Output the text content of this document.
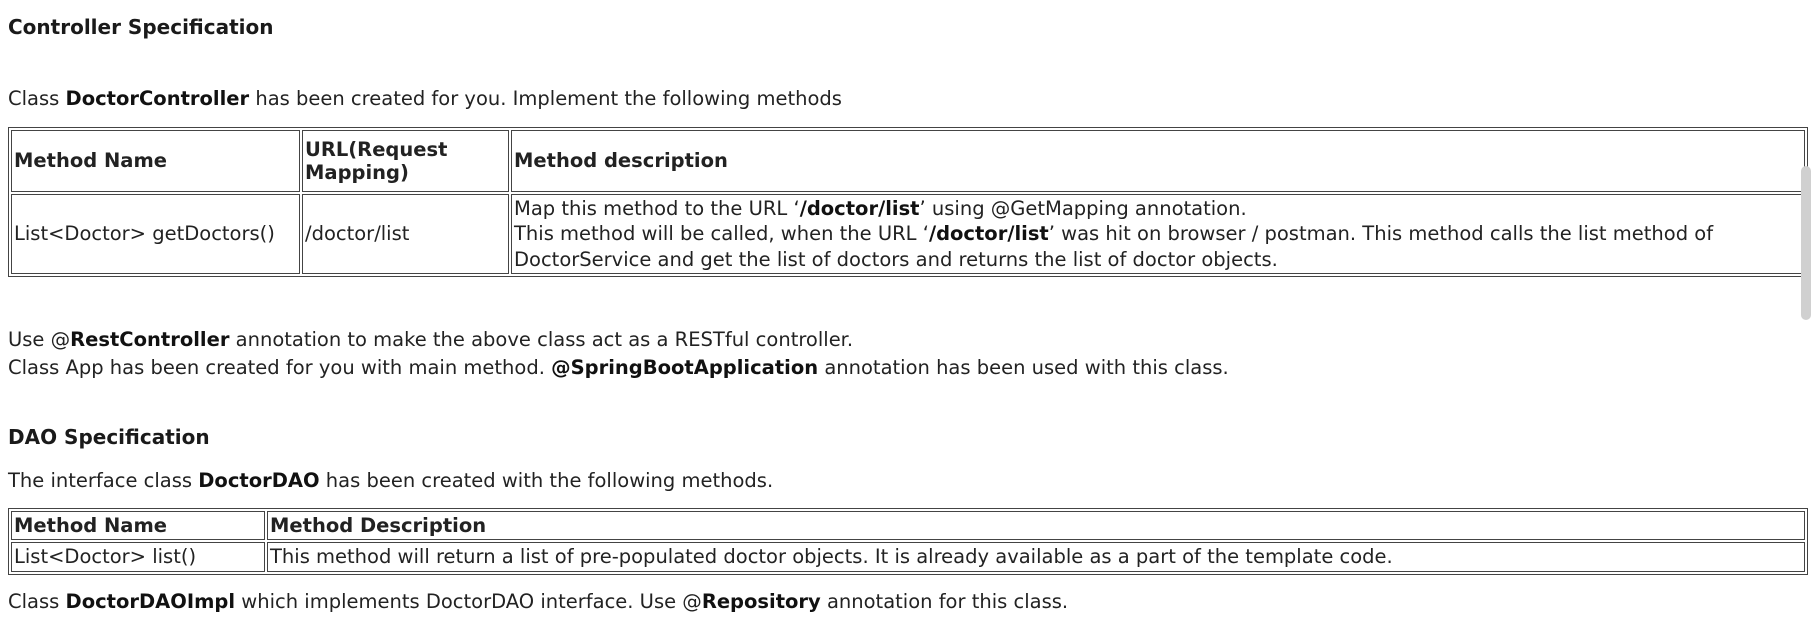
Controller Specification
Class DoctorController has been created for you. Implement the following methods
Method Name	URL(Request Mapping)	Method description
List<Doctor> getDoctors()	/doctor/list	Map this method to the URL ‘/doctor/list’ using @GetMapping annotation.
This method will be called, when the URL ‘/doctor/list’ was hit on browser / postman. This method calls the list method of DoctorService and get the list of doctors and returns the list of doctor objects.
Use @RestController annotation to make the above class act as a RESTful controller.
Class App has been created for you with main method. @SpringBootApplication annotation has been used with this class.
DAO Specification
The interface class DoctorDAO has been created with the following methods.
Method Name	Method Description
List<Doctor> list()	This method will return a list of pre-populated doctor objects. It is already available as a part of the template code.
Class DoctorDAOImpl which implements DoctorDAO interface. Use @Repository annotation for this class.
